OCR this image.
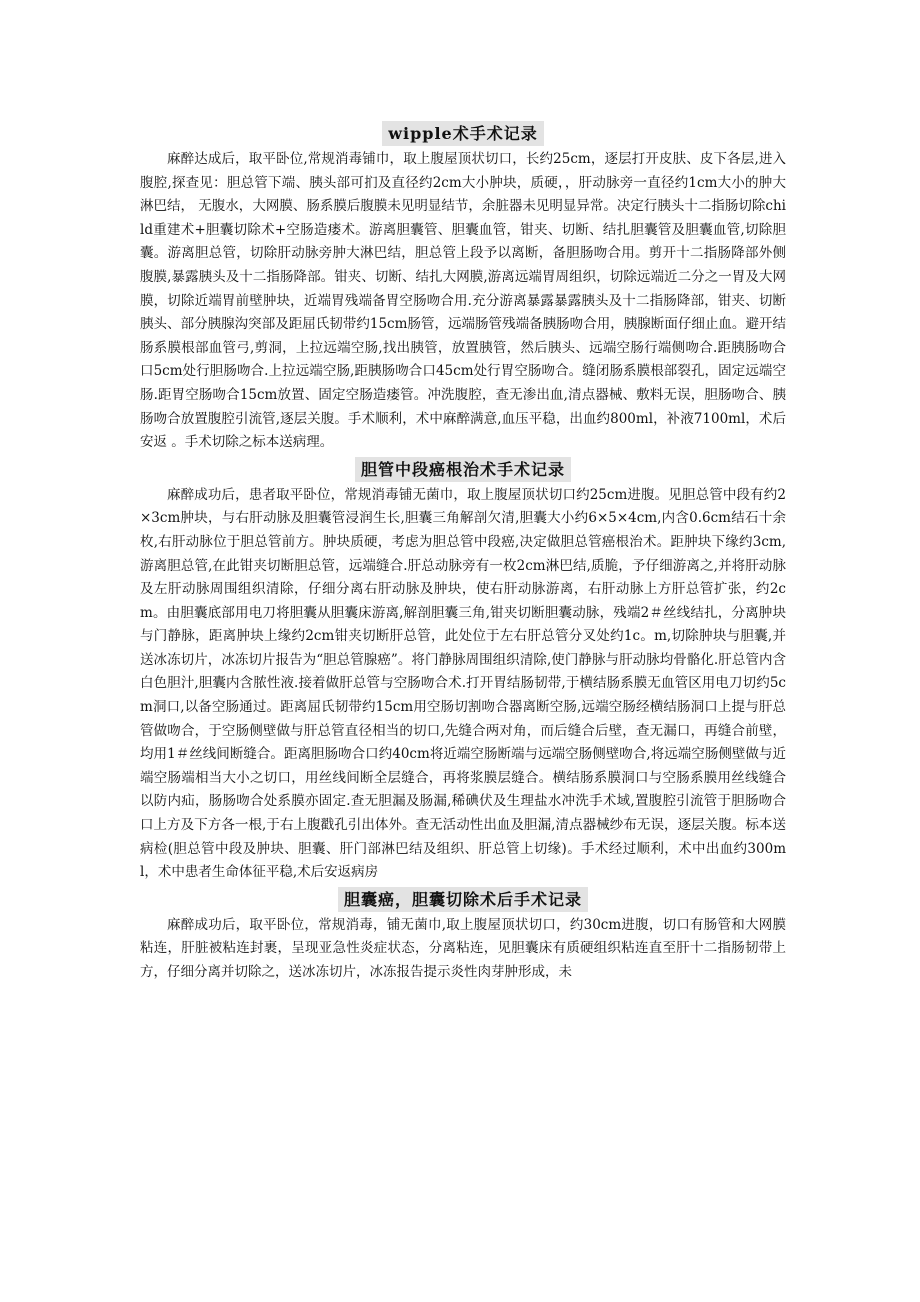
wipple术手术记录

麻醉达成后，取平卧位,常规消毒铺巾，取上腹屋顶状切口，长约25cm，逐层打开皮肤、皮下各层,进入腹腔,探查见：胆总管下端、胰头部可扪及直径约2cm大小肿块，质硬，，肝动脉旁一直径约1cm大小的肿大淋巴结， 无腹水，大网膜、肠系膜后腹膜未见明显结节，余脏器未见明显异常。决定行胰头十二指肠切除child重建术+胆囊切除术+空肠造瘘术。游离胆囊管、胆囊血管，钳夹、切断、结扎胆囊管及胆囊血管,切除胆囊。游离胆总管，切除肝动脉旁肿大淋巴结，胆总管上段予以离断，备胆肠吻合用。剪开十二指肠降部外侧腹膜,暴露胰头及十二指肠降部。钳夹、切断、结扎大网膜,游离远端胃周组织，切除远端近二分之一胃及大网膜，切除近端胃前壁肿块，近端胃残端备胃空肠吻合用.充分游离暴露暴露胰头及十二指肠降部，钳夹、切断胰头、部分胰腺沟突部及距屈氏韧带约15cm肠管，远端肠管残端备胰肠吻合用，胰腺断面仔细止血。避开结肠系膜根部血管弓,剪洞，上拉远端空肠,找出胰管，放置胰管，然后胰头、远端空肠行端侧吻合.距胰肠吻合口5cm处行胆肠吻合.上拉远端空肠,距胰肠吻合口45cm处行胃空肠吻合。缝闭肠系膜根部裂孔，固定远端空肠.距胃空肠吻合15cm放置、固定空肠造瘘管。冲洗腹腔，查无渗出血,清点器械、敷料无误，胆肠吻合、胰肠吻合放置腹腔引流管,逐层关腹。手术顺利，术中麻醉满意,血压平稳，出血约800ml，补液7100ml，术后安返 。手术切除之标本送病理。

胆管中段癌根治术手术记录

麻醉成功后，患者取平卧位，常规消毒铺无菌巾，取上腹屋顶状切口约25cm进腹。见胆总管中段有约2×3cm肿块，与右肝动脉及胆囊管浸润生长,胆囊三角解剖欠清,胆囊大小约6×5×4cm,内含0.6cm结石十余枚,右肝动脉位于胆总管前方。肿块质硬，考虑为胆总管中段癌,决定做胆总管癌根治术。距肿块下缘约3cm,游离胆总管,在此钳夹切断胆总管，远端缝合.肝总动脉旁有一枚2cm淋巴结,质脆，予仔细游离之,并将肝动脉及左肝动脉周围组织清除，仔细分离右肝动脉及肿块，使右肝动脉游离，右肝动脉上方肝总管扩张，约2cm。由胆囊底部用电刀将胆囊从胆囊床游离,解剖胆囊三角,钳夹切断胆囊动脉，残端2＃丝线结扎，分离肿块与门静脉，距离肿块上缘约2cm钳夹切断肝总管，此处位于左右肝总管分叉处约1c。m,切除肿块与胆囊,并送冰冻切片，冰冻切片报告为“胆总管腺癌”。将门静脉周围组织清除,使门静脉与肝动脉均骨骼化.肝总管内含白色胆汁,胆囊内含脓性液.接着做肝总管与空肠吻合术.打开胃结肠韧带,于横结肠系膜无血管区用电刀切约5cm洞口,以备空肠通过。距离屈氏韧带约15cm用空肠切割吻合器离断空肠,远端空肠经横结肠洞口上提与肝总管做吻合，于空肠侧壁做与肝总管直径相当的切口,先缝合两对角，而后缝合后壁，查无漏口，再缝合前壁，均用1＃丝线间断缝合。距离胆肠吻合口约40cm将近端空肠断端与远端空肠侧壁吻合,将远端空肠侧壁做与近端空肠端相当大小之切口，用丝线间断全层缝合，再将浆膜层缝合。横结肠系膜洞口与空肠系膜用丝线缝合以防内疝，肠肠吻合处系膜亦固定.查无胆漏及肠漏,稀碘伏及生理盐水冲洗手术域,置腹腔引流管于胆肠吻合口上方及下方各一根,于右上腹戳孔引出体外。查无活动性出血及胆漏,清点器械纱布无误，逐层关腹。标本送病检(胆总管中段及肿块、胆囊、肝门部淋巴结及组织、肝总管上切缘)。手术经过顺利，术中出血约300ml，术中患者生命体征平稳,术后安返病房

胆囊癌，胆囊切除术后手术记录

麻醉成功后，取平卧位，常规消毒，铺无菌巾,取上腹屋顶状切口，约30cm进腹，切口有肠管和大网膜粘连，肝脏被粘连封裹，呈现亚急性炎症状态，分离粘连，见胆囊床有质硬组织粘连直至肝十二指肠韧带上方，仔细分离并切除之，送冰冻切片，冰冻报告提示炎性肉芽肿形成，未
